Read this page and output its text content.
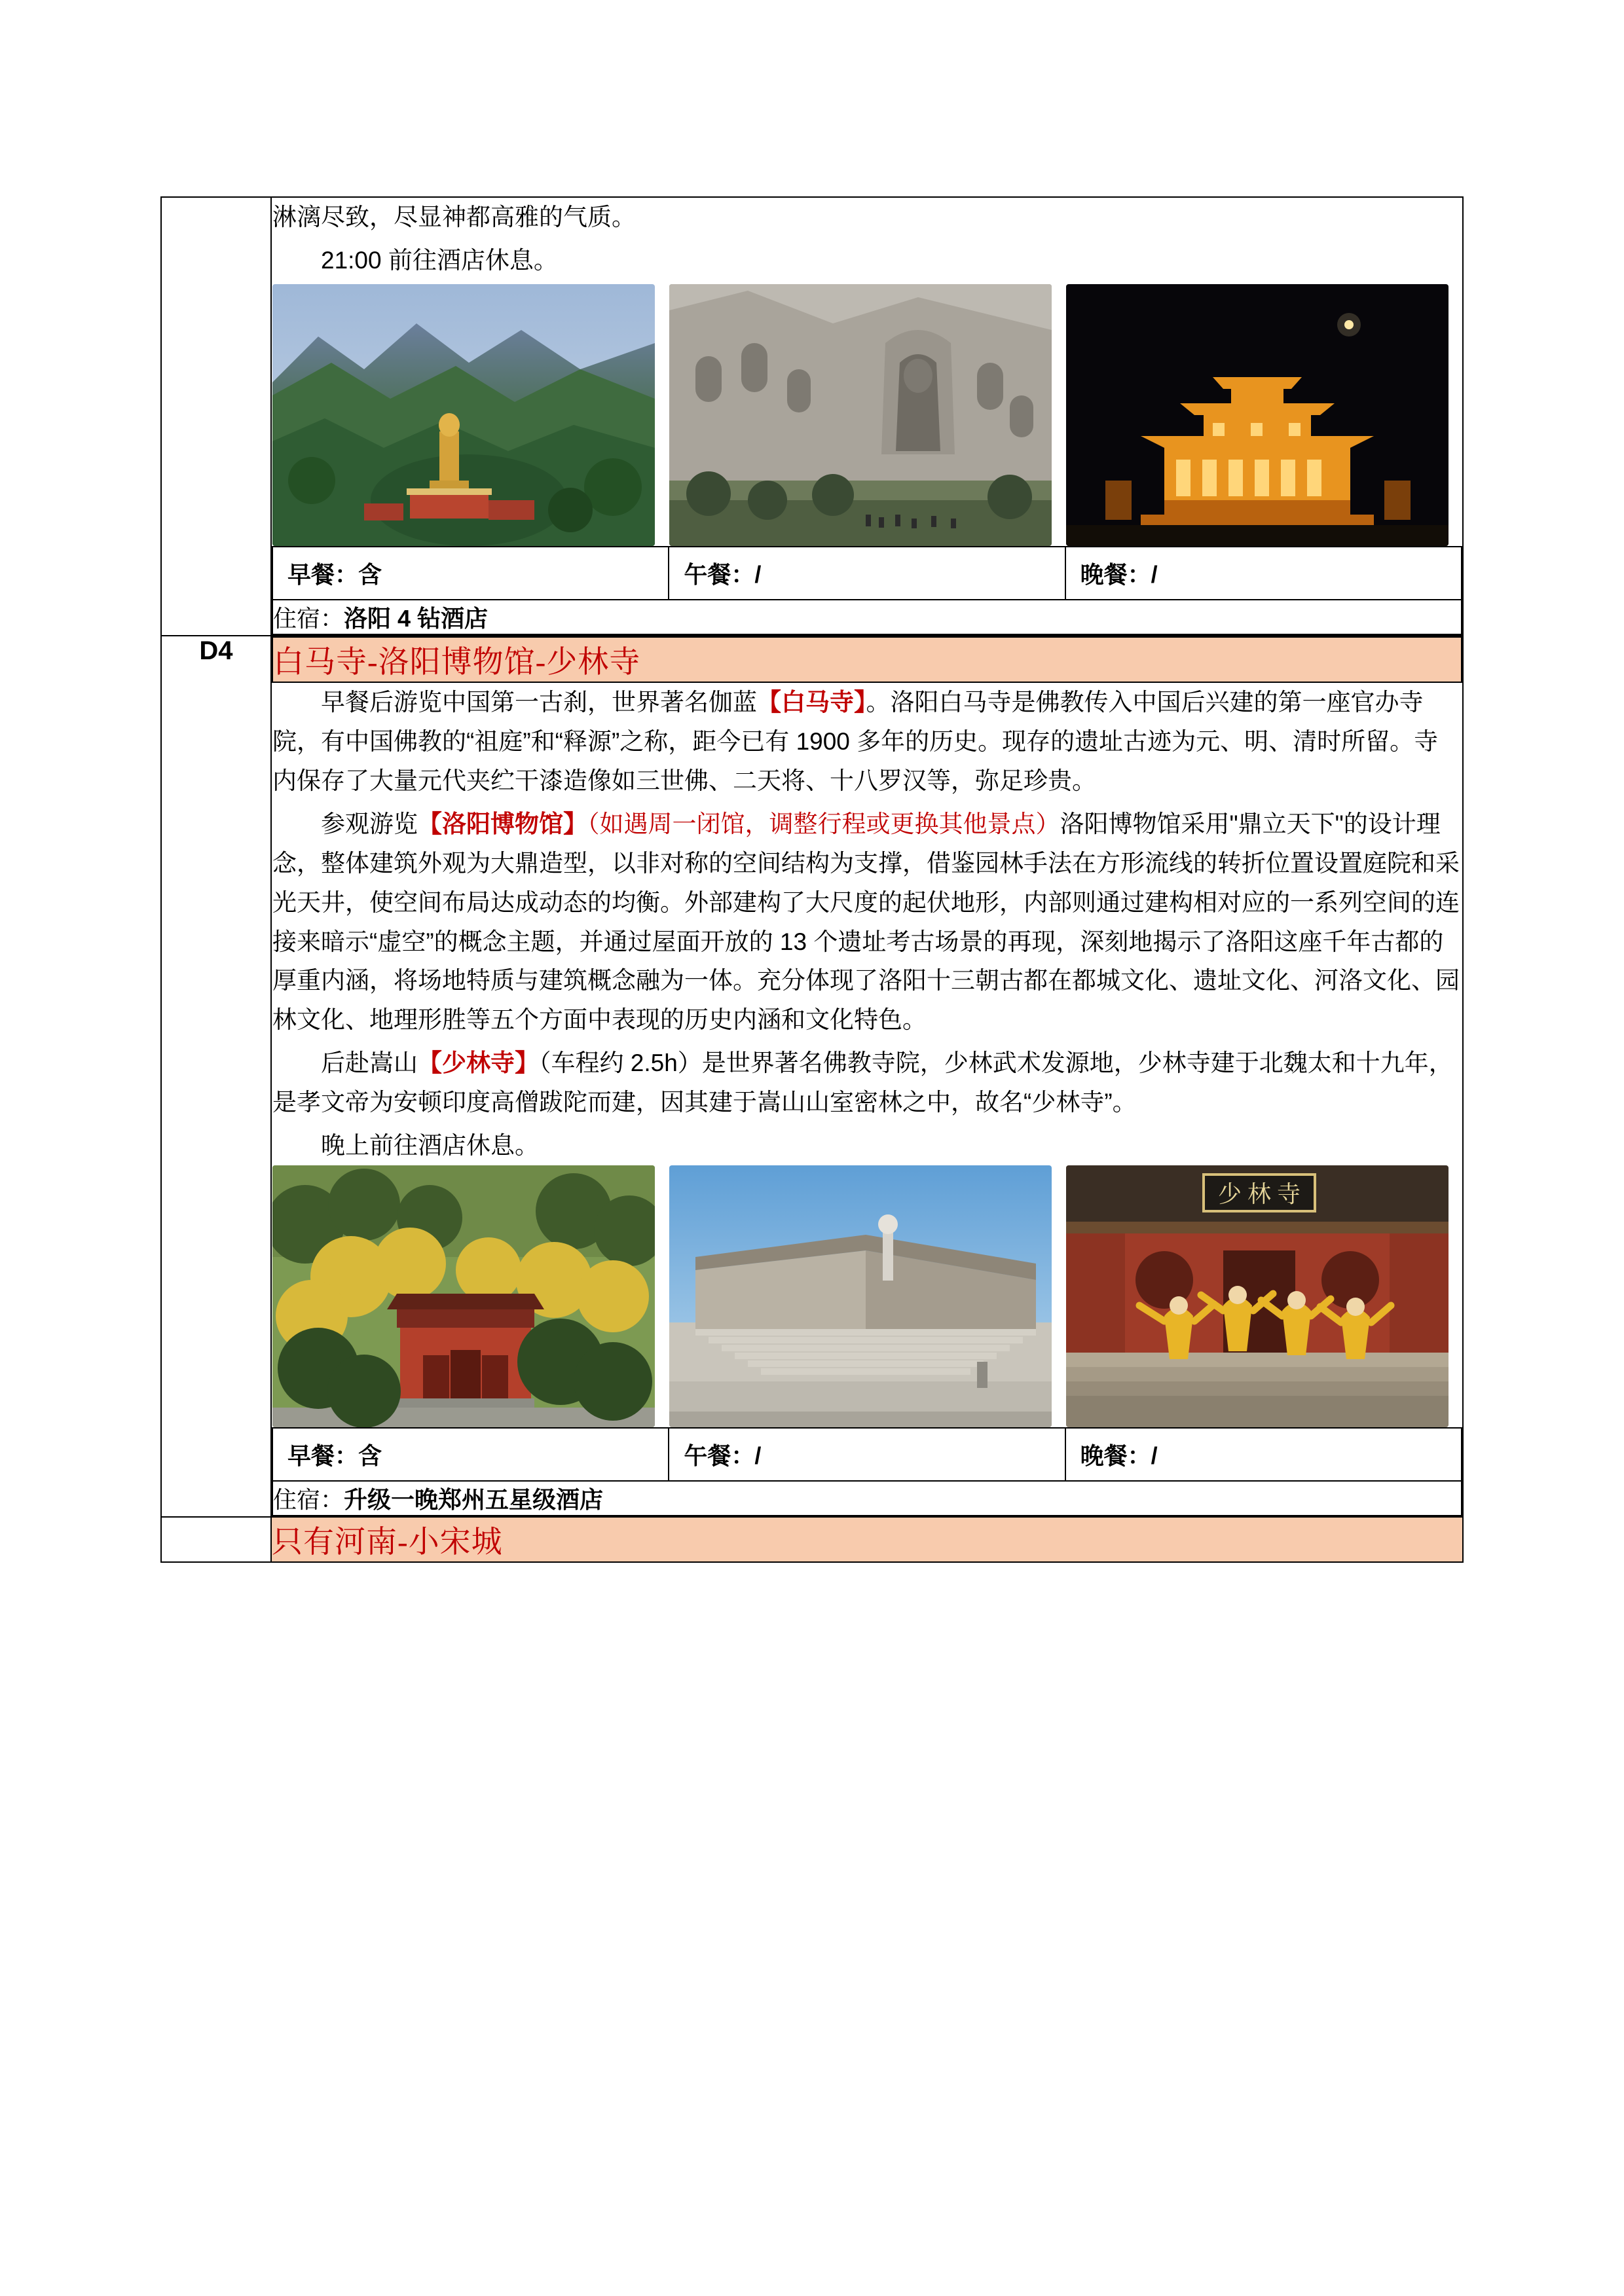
淋漓尽致，尽显神都高雅的气质。

21:00 前往酒店休息。

早餐：含	午餐：/	晚餐：/
住宿：洛阳 4 钻酒店

D4	白马寺-洛阳博物馆-少林寺

早餐后游览中国第一古刹，世界著名伽蓝【白马寺】。洛阳白马寺是佛教传入中国后兴建的第一座官办寺院，有中国佛教的“祖庭”和“释源”之称，距今已有 1900 多年的历史。现存的遗址古迹为元、明、清时所留。寺内保存了大量元代夹纻干漆造像如三世佛、二天将、十八罗汉等，弥足珍贵。

参观游览【洛阳博物馆】（如遇周一闭馆，调整行程或更换其他景点）洛阳博物馆采用"鼎立天下"的设计理念，整体建筑外观为大鼎造型，以非对称的空间结构为支撑，借鉴园林手法在方形流线的转折位置设置庭院和采光天井，使空间布局达成动态的均衡。外部建构了大尺度的起伏地形，内部则通过建构相对应的一系列空间的连接来暗示“虚空”的概念主题，并通过屋面开放的 13 个遗址考古场景的再现，深刻地揭示了洛阳这座千年古都的厚重内涵，将场地特质与建筑概念融为一体。充分体现了洛阳十三朝古都在都城文化、遗址文化、河洛文化、园林文化、地理形胜等五个方面中表现的历史内涵和文化特色。

后赴嵩山【少林寺】（车程约 2.5h）是世界著名佛教寺院，少林武术发源地，少林寺建于北魏太和十九年，是孝文帝为安顿印度高僧跋陀而建，因其建于嵩山山室密林之中，故名“少林寺”。

晚上前往酒店休息。

少 林 寺

早餐：含	午餐：/	晚餐：/
住宿：升级一晚郑州五星级酒店

只有河南-小宋城
